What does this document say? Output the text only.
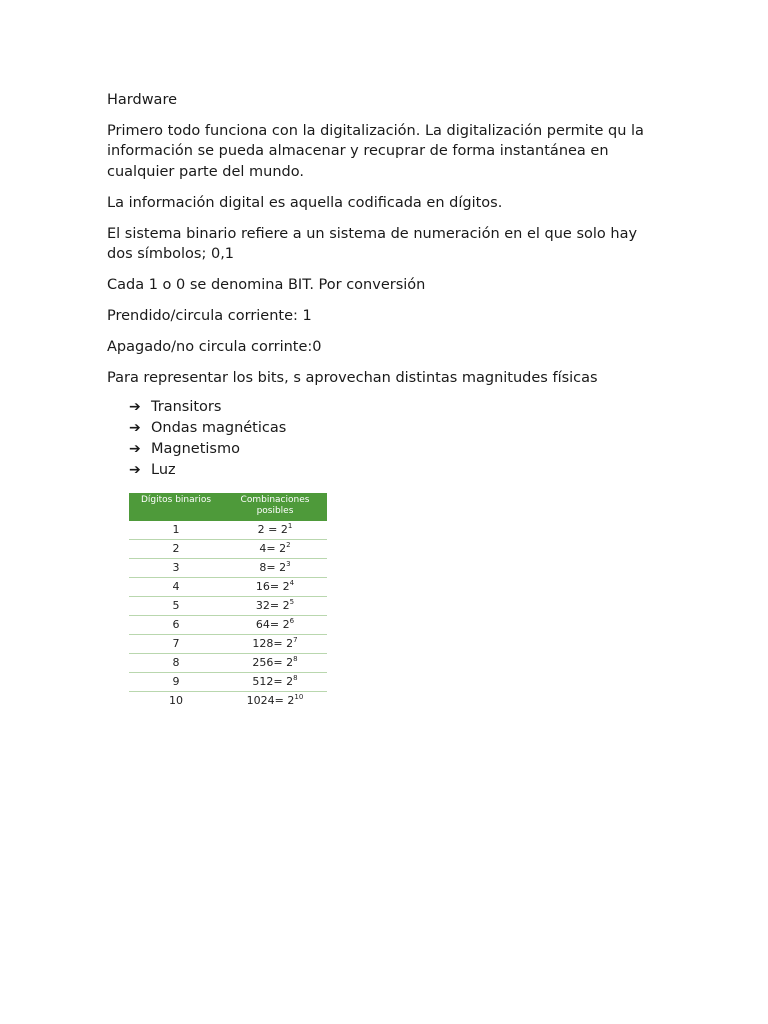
Hardware

Primero todo funciona con la digitalización. La digitalización permite qu la información se pueda almacenar y recuprar de forma instantánea en cualquier parte del mundo.

La información digital es aquella codificada en dígitos.

El sistema binario refiere a un sistema de numeración en el que solo hay dos símbolos; 0,1

Cada 1 o 0 se denomina BIT. Por conversión

Prendido/circula corriente: 1

Apagado/no circula corrinte:0

Para representar los bits, s aprovechan distintas magnitudes físicas

➔ Transitors
➔ Ondas magnéticas
➔ Magnetismo
➔ Luz
Dígitos binarios	Combinaciones posibles
1	$2 = 2^1$
2	$4= 2^2$
3	$8= 2^3$
4	$16= 2^4$
5	$32= 2^5$
6	$64= 2^6$
7	$128= 2^7$
8	$256= 2^8$
9	$512= 2^8$
10	$1024= 2^{10}$
